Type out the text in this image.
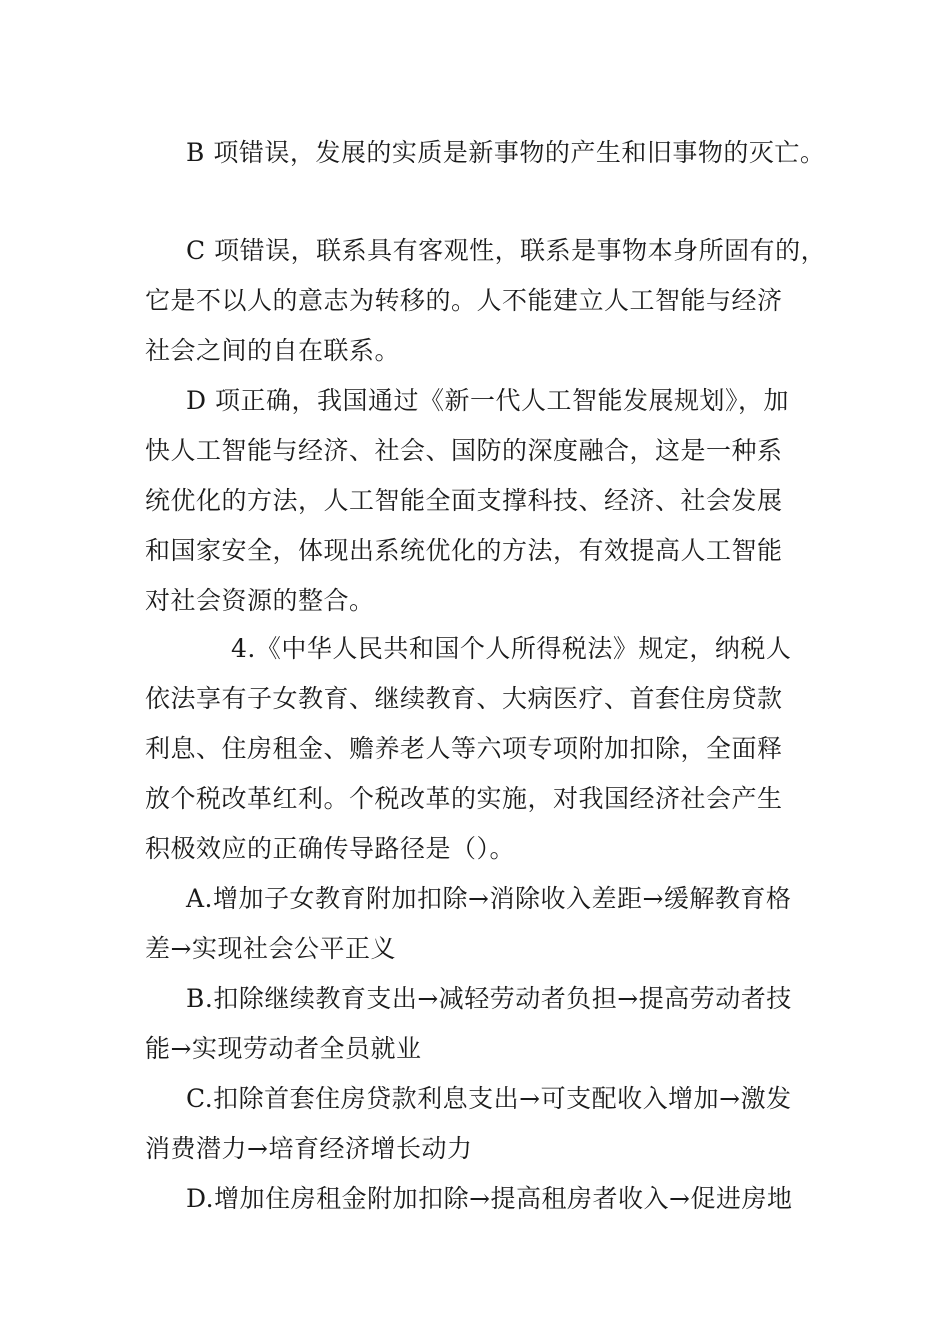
B 项错误，发展的实质是新事物的产生和旧事物的灭亡。
C 项错误，联系具有客观性，联系是事物本身所固有的，
它是不以人的意志为转移的。人不能建立人工智能与经济
社会之间的自在联系。
D 项正确，我国通过《新一代人工智能发展规划》，加
快人工智能与经济、社会、国防的深度融合，这是一种系
统优化的方法，人工智能全面支撑科技、经济、社会发展
和国家安全，体现出系统优化的方法，有效提高人工智能
对社会资源的整合。
4.《中华人民共和国个人所得税法》规定，纳税人
依法享有子女教育、继续教育、大病医疗、首套住房贷款
利息、住房租金、赡养老人等六项专项附加扣除，全面释
放个税改革红利。个税改革的实施，对我国经济社会产生
积极效应的正确传导路径是（）。
A.增加子女教育附加扣除→消除收入差距→缓解教育格
差→实现社会公平正义
B.扣除继续教育支出→减轻劳动者负担→提高劳动者技
能→实现劳动者全员就业
C.扣除首套住房贷款利息支出→可支配收入增加→激发
消费潜力→培育经济增长动力
D.增加住房租金附加扣除→提高租房者收入→促进房地
